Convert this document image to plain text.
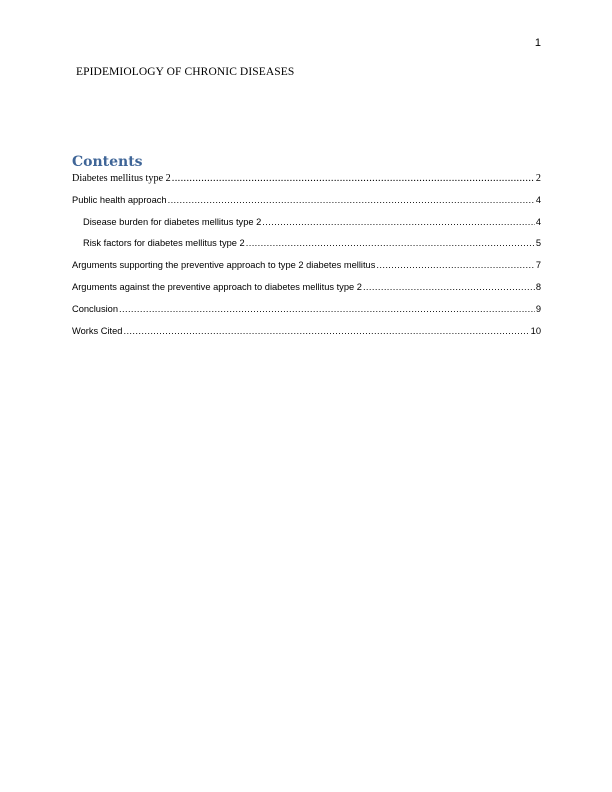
1
EPIDEMIOLOGY OF CHRONIC DISEASES
Contents
Diabetes mellitus type 2 .....	2
Public health approach .....	4
Disease burden for diabetes mellitus type 2 .....	4
Risk factors for diabetes mellitus type 2 .....	5
Arguments supporting the preventive approach to type 2 diabetes mellitus .....	7
Arguments against the preventive approach to diabetes mellitus type 2 .....	8
Conclusion .....	9
Works Cited .....	10
